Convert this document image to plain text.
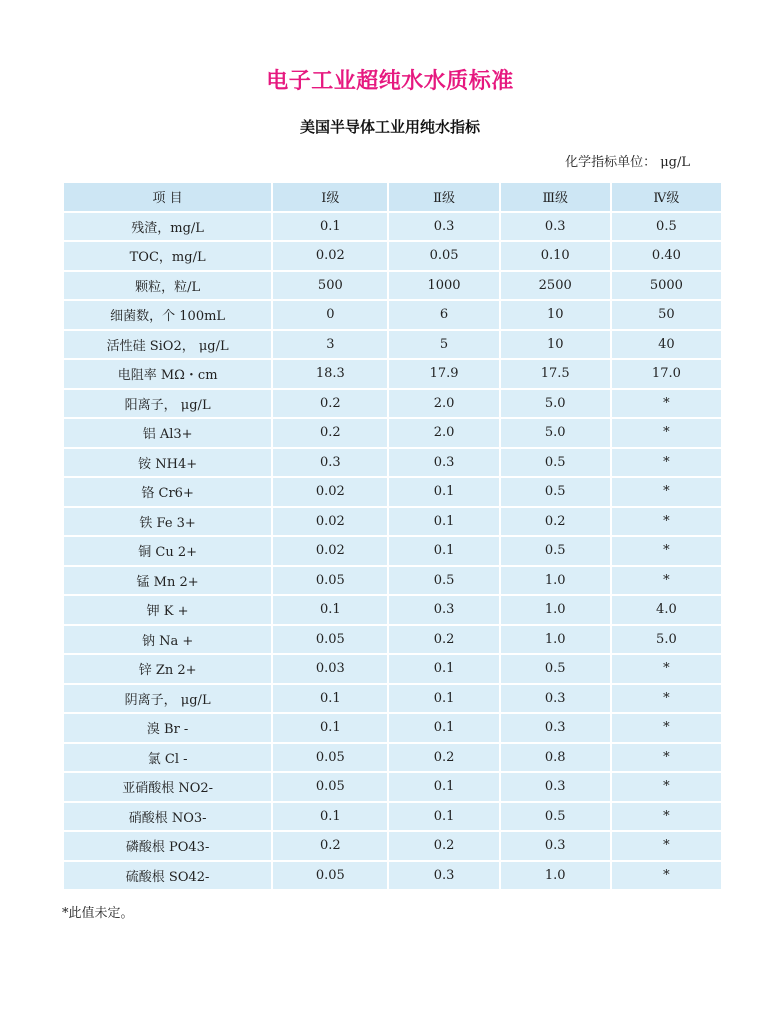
电子工业超纯水水质标准
美国半导体工业用纯水指标
化学指标单位： μg/L
项 目	Ⅰ级	Ⅱ级	Ⅲ级	Ⅳ级
残渣，mg/L	0.1	0.3	0.3	0.5
TOC，mg/L	0.02	0.05	0.10	0.40
颗粒，粒/L	500	1000	2500	5000
细菌数，个 100mL	0	6	10	50
活性硅 SiO2， μg/L	3	5	10	40
电阻率 MΩ・cm	18.3	17.9	17.5	17.0
阳离子， μg/L	0.2	2.0	5.0	*
铝 Al3+	0.2	2.0	5.0	*
铵 NH4+	0.3	0.3	0.5	*
铬 Cr6+	0.02	0.1	0.5	*
铁 Fe 3+	0.02	0.1	0.2	*
铜 Cu 2+	0.02	0.1	0.5	*
锰 Mn 2+	0.05	0.5	1.0	*
钾 K +	0.1	0.3	1.0	4.0
钠 Na +	0.05	0.2	1.0	5.0
锌 Zn 2+	0.03	0.1	0.5	*
阴离子， μg/L	0.1	0.1	0.3	*
溴 Br -	0.1	0.1	0.3	*
氯 Cl -	0.05	0.2	0.8	*
亚硝酸根 NO2-	0.05	0.1	0.3	*
硝酸根 NO3-	0.1	0.1	0.5	*
磷酸根 PO43-	0.2	0.2	0.3	*
硫酸根 SO42-	0.05	0.3	1.0	*
*此值未定。
